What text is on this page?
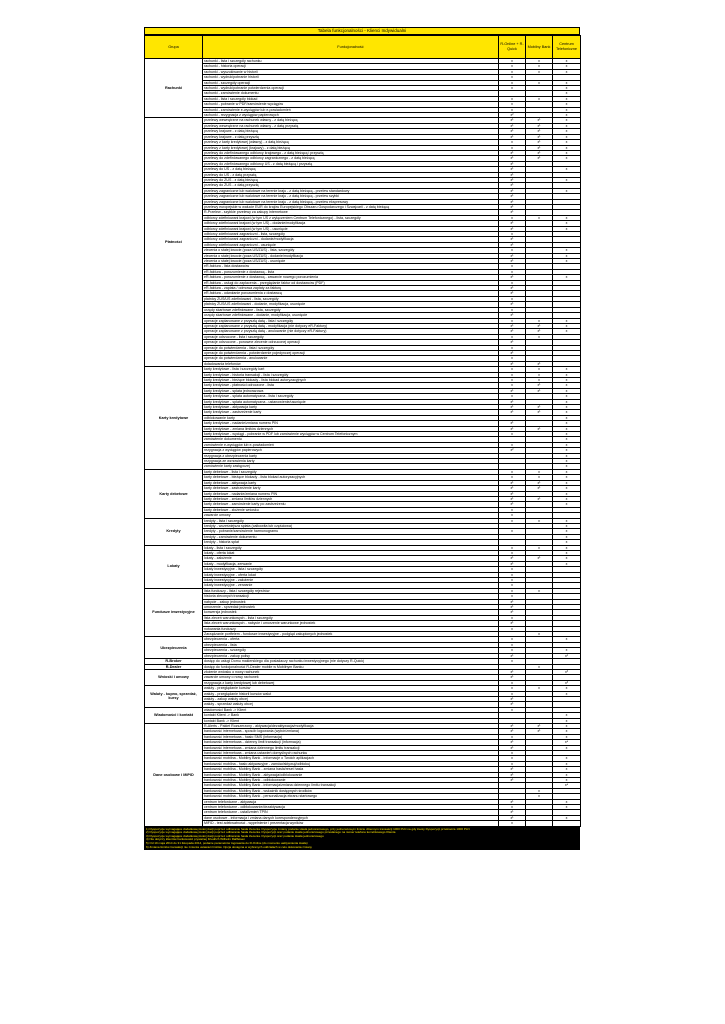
Tabela funkcjonalności - Klienci Indywidualni
Grupa	Funkcjonalność	R-Online + R-Quick	Mobilny Bank	Centrum Telefoniczne
Rachunki	rachunki - lista i szczegóły rachunku	x	x	x
	rachunki - historia operacji	x	x	x
	rachunki - wyszukiwanie w historii	x	x	x
	rachunki - wydruk/pobranie historii	x		
	rachunki - szczegóły operacji	x	x	x
	rachunki - wydruk/pobranie potwierdzenia operacji	x		x
	rachunki - zamówienie dokumentu			x
	rachunki - lista i szczegóły blokad	x	x	x
	rachunki - pobranie w PDF/zamówienie wyciągów	x		x
	rachunki - zamówienie e-wyciągów lub e-powiadomień	x		x
	rachunki - rezygnacja z wyciągów papierowych	x²		x
Płatności	przelewy wewnętrzne na rachunek własny - z datą bieżącą	x¹	x¹	x
	przelewy wewnętrzne na rachunek własny - z datą przyszłą	x¹	x¹	x
	przelewy krajowe - z datą bieżącą	x¹	x¹	x
	przelewy krajowe - z datą przyszłą	x¹	x¹	x
	przelewy z karty kredytowej (własny) - z datą bieżącą	x	x¹	x
	przelewy z karty kredytowej (krajowy) - z datą bieżącą	x	x¹	x
	przelewy do zdefiniowanego odbiorcy krajowego - z datą bieżącą i przyszłą	x¹	x¹	x
	przelewy do zdefiniowanego odbiorcy zagranicznego - z datą bieżącą	x¹	x¹	x
	przelewy do zdefiniowanego odbiorcy US - z datą bieżącą i przyszłą	x¹		
	przelewy do US - z datą bieżącą	x¹		x
	przelewy do US - z datą przyszłą	x¹		
	przelewy do ZUS - z datą bieżącą	x¹		x
	przelewy do ZUS - z datą przyszłą	x¹		
	przelewy zagraniczne lub walutowe na terenie kraju - z datą bieżącą - przelew standardowy	x¹		x
	przelewy zagraniczne lub walutowe na terenie kraju - z datą bieżącą - przelew szybki	x¹		
	przelewy zagraniczne lub walutowe na terenie kraju - z datą bieżącą - przelew ekspresowy	x¹		
	przelewy europejskie w walucie EUR do krajów Europejskiego Obszaru Gospodarczego i Szwajcarii - z datą bieżącą	x¹		
	R-Przelew - szybkie przelewy za zakupy internetowe	x¹		
	odbiorcy zdefiniowani krajowi (w tym US z wyłączeniem Centrum Telefonicznego) - lista, szczegóły	x	x	x
	odbiorcy zdefiniowani krajowi (w tym US) - dodanie/modyfikacja	x¹		x
	odbiorcy zdefiniowani krajowi (w tym US) - usunięcie	x¹		x
	odbiorcy zdefiniowani zagraniczni - lista, szczegóły	x		
	odbiorcy zdefiniowani zagraniczni - dodanie/modyfikacja	x¹		
	odbiorcy zdefiniowani zagraniczni - usunięcie	x¹		
	zlecenia o stałej kwocie (poza US/ZUS) - lista, szczegóły	x		x
	zlecenia o stałej kwocie (poza US/ZUS) - dodanie/modyfikacja	x¹		x
	zlecenia o stałej kwocie (poza US/ZUS) - usunięcie	x¹		x
	eR-faktura - lista dostawców	x		
	eR-faktura - porozumienie z dostawcą - lista	x		
	eR-faktura - porozumienie z dostawcą - zawarcie nowego porozumienia	x¹		x
	eR-faktura - usługi do zapłacenia - przeglądanie faktur od dostawców (PDF)	x		
	eR-faktura - zapłata / odmowa zapłaty za fakturę	x¹		
	eR-faktura - odwołanie porozumienia z dostawcą	x¹		
	płatnicy ZUS/US zdefiniowani - lista, szczegóły	x		
	płatnicy ZUS/US zdefiniowani - dodanie, modyfikacja, usunięcie	x¹		
	urzędy skarbowe zdefiniowane - lista, szczegóły	x		
	urzędy skarbowe zdefiniowane - dodanie, modyfikacja, usunięcie	x¹		
	operacje zaplanowane z przyszłą datą - lista i szczegóły	x	x	x
	operacje zaplanowane z przyszłą datą - modyfikacja (nie dotyczy eR-Faktury)	x¹	x¹	x
	operacje zaplanowane z przyszłą datą - anulowanie (nie dotyczy eR-Faktury)	x¹	x¹	x
	operacje odrzucone - lista i szczegóły	x	x	
	operacje odrzucone - ponowne zlecenie odrzuconej operacji	x¹		
	operacje do potwierdzenia - lista i szczegóły	x		
	operacje do potwierdzenia - potwierdzenie pojedynczej operacji	x¹		
	operacje do potwierdzenia - anulowanie	x		
	doładowania telefonów	x¹	x¹	
Karty kredytowe	karty kredytowe - lista i szczegóły kart	x	x	x
	karty kredytowe - historia transakcji - lista i szczegóły	x	x	x
	karty kredytowe - bieżące blokady - lista blokad autoryzacyjnych	x	x	x
	karty kredytowe - płatności odroczone - lista	x	x¹	x
	karty kredytowe - spłata jednorazowa	x¹	x¹	x
	karty kredytowe - spłata automatyczna - lista i szczegóły	x		x
	karty kredytowe - spłata automatyczna - ustanowienie/usunięcie	x¹		x
	karty kredytowe - aktywacja karty	x¹	x¹	x
	karty kredytowe - zastrzeżenie karty	x¹	x¹	x
	odblokowanie karty			x
	karty kredytowe - nadanie/zmiana numeru PIN	x¹		x
	karty kredytowe - zmiana limitów dziennych	x¹	x¹	x
	karty kredytowe - wyciągi - pobranie w PDF lub zamówienie wyciągów w Centrum Telefonicznym	x		x
	zamówienie dokumentu			x
	zamówienie e-wyciągów lub e-powiadomień	x		x
	rezygnacja z wyciągów papierowych	x²		x
	rezygnacja z ubezpieczenia karty			x
	rezygnacja ze wznowienia karty			x
	zamówienie karty zastępczej			x
Karty debetowe	karty debetowe - lista i szczegóły	x	x	x
	karty debetowe - bieżące blokady - lista blokad autoryzacyjnych	x	x	x
	karty debetowe - aktywacja karty	x¹	x¹	x
	karty debetowe - zastrzeżenie karty	x¹	x¹	x
	karty debetowe - nadanie/zmiana numeru PIN	x¹		x
	karty debetowe - zmiana limitów dziennych	x¹	x¹	x
	karty debetowe - zamówienie karty po zastrzeżeniu	x¹		x
	karty debetowe - złożenie wniosku	x		
	zawarcie umowy	x		
Kredyty	kredyty - lista i szczegóły	x	x	x
	kredyty - wcześniejsza spłata (całkowita lub częściowa)			x
	kredyty - pobranie/zamówienie harmonogramu	x		x
	kredyty - zamówienie dokumentu			x
	kredyty - historia spłat			x
Lokaty	lokaty - lista i szczegóły	x	x	x
	lokaty - oferta lokat	x		x
	lokaty - założenie	x¹	x¹	x
	lokaty - modyfikacja, zerwanie	x¹		x
	lokaty inwestycyjne - lista i szczegóły	x		
	lokaty inwestycyjne - oferta lokat	x		
	lokaty inwestycyjne - założenie	x		
	lokaty inwestycyjne - zerwanie	x		
Fundusze inwestycyjne	lista funduszy - lista i szczegóły rejestrów	x	x	
	historia zleconych transakcji	x		
	nabycie - zakup jednostek	x¹		
	umorzenie - sprzedaż jednostek	x¹		
	konwersja jednostek	x¹		
	lista zleceń warunkowych - lista i szczegóły	x		
	lista zleceń warunkowych - nabycie i umorzenie warunkowe jednostek	x¹		
	notowania funduszy	x		
	Zarządzanie portfelem - fundusze inwestycyjne - podgląd zakupionych jednostek		x	
Ubezpieczenia	ubezpieczenia - oferta	x		x
	ubezpieczenia - lista	x		
	ubezpieczenia - szczegóły	x		x
	ubezpieczenia - zakup polisy	x¹		x¹
R-Broker	dostęp do usługi Domu maklerskiego dla posiadaczy rachunku inwestycyjnego (nie dotyczy R-Quick)	x		
R-Dealer	dostęp do funkcjonalności R-Dealer mobile w Mobilnym Banku		x	
Wnioski i umowy	złożenie wniosku o nowy rachunek	x¹		x³
	zawarcie umowy o nowy rachunek	x¹		
	rezygnacja z karty kredytowej lub debetowej	x		x³
Waluty - kupno, sprzedaż, kursy	waluty - przeglądanie kursów	x	x	x
	waluty - przeglądanie historii kursów walut	x		x
	waluty - zakup waluty obcej	x¹		
	waluty - sprzedaż waluty obcej	x¹		
Wiadomości i kontakt	wiadomości Bank -> Klient	x		
	kontakt Klient -> Bank			x
	kontakt Bank -> Klient			x
Dane osobowe i MiPID	R-Alerts - Pakiet Rozszerzony - aktywacja/dezaktywacja/modyfikacja	x¹	x¹	x
	bankowość internetowa - sposób logowania (wybór/zmiana)	x¹	x¹	x
	bankowość internetowa - hasło SMS (informacja)	x		x
	bankowość internetowa - dzienny limit transakcji (informacja)	x¹		x⁴
	bankowość internetowa - zmiana dziennego limitu transakcji	x¹		x
	bankowość internetowa - zmiana ustawień domyślnych rachunku	x		
	bankowość mobilna - Mobilny Bank - informacje o Twoich aplikacjach	x		x
	bankowość mobilna - hasło aktywacyjne - zamów/aktywuj/odblokuj	x		x
	bankowość mobilna - Mobilny Bank - zmiana hasła/reset hasła	x¹		x
	bankowość mobilna - Mobilny Bank - aktywacja/odblokowanie	x¹		x
	bankowość mobilna - Mobilny Bank - odblokowanie	x¹		x
	bankowość mobilna - Mobilny Bank - informacja/zmiana dziennego limitu transakcji			x⁴
	bankowość mobilna - Mobilny Bank - wskaźnik dostępnych środków		x	
	bankowość mobilna - Mobilny Bank - personalizacja ekranu startowego		x	
	centrum telefoniczne - aktywacja	x¹		x
	centrum telefoniczne - odblokowanie/dezaktywacja	x		x
	centrum telefoniczne - ustal/zmień TPIN	x¹		
	dane osobowe - informacja i zmiana danych korespondencyjnych	x¹		x
	MiFID - test adekwatności - wypełnienie i prezentacja wyników	x		
1) Dyspozycje wymagające dodatkowej Autoryzacji poprzez odbieranie hasła zlecenia. Dyspozycje zmiany podanie Hasła jednorazowego, przy jednorazowym limicie dziennym transakcji 1000 PLN na gdy kwoty Dyspozycji przekracza 1000 PLN
2) Dyspozycje wymagające dodatkowej Autoryzacji poprzez odbieranie hasła zlecenia. Dyspozycji oraz podanie Hasła jednorazowego przesłanego na numer telefonu komórkowego Klienta
3) Dyspozycje wymagające dodatkowej Autoryzacji poprzez odbieranie hasła zlecenia. Dyspozycji oraz podanie Hasła jednorazowego
4) Nie dotyczy klientów bankowości prywatnej Friedrich Wilhelm Raiffeisen
5) Od 19 maja 2014 do 31 listopada 2014, podanie parametrów logowania do R-Online (do momentu uaktywnienia Hasła)
6) Zmiana limitów transakcji nie zmienia ustawień limitów. Opcja dostępna w wybranych oddziałach w celu dokonania zmiany
